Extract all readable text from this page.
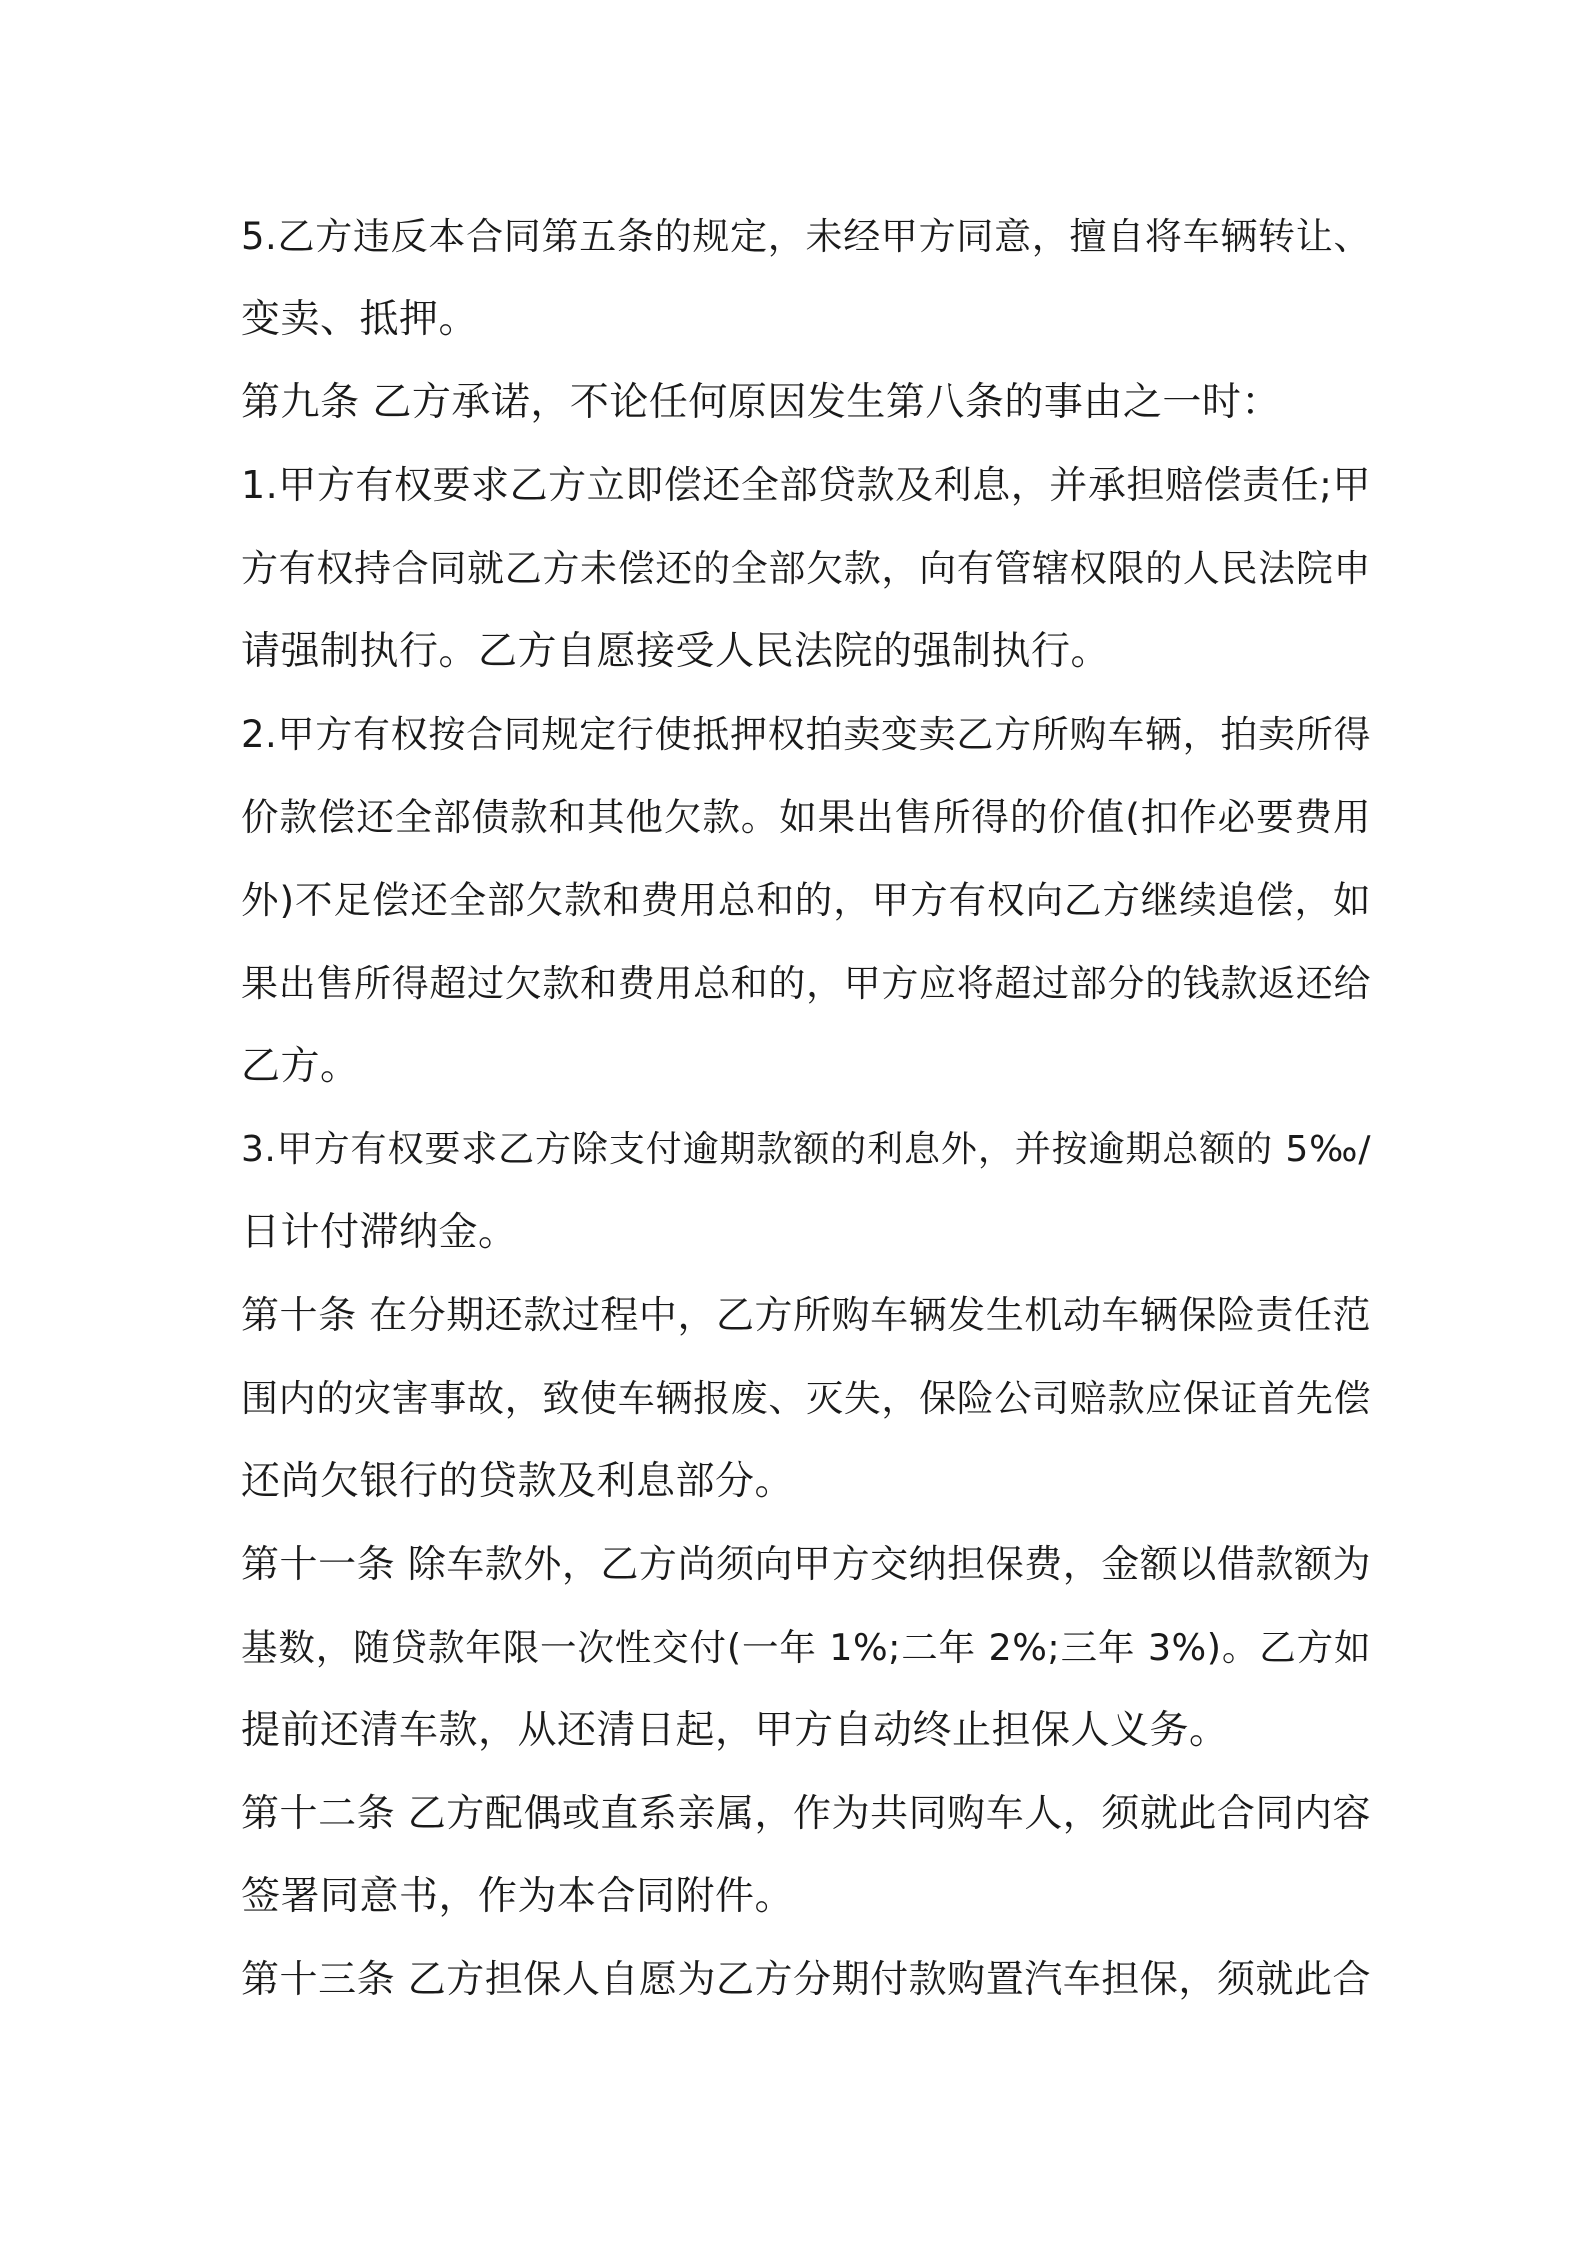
5.乙方违反本合同第五条的规定，未经甲方同意，擅自将车辆转让、
变卖、抵押。
第九条 乙方承诺，不论任何原因发生第八条的事由之一时：
1.甲方有权要求乙方立即偿还全部贷款及利息，并承担赔偿责任;甲
方有权持合同就乙方未偿还的全部欠款，向有管辖权限的人民法院申
请强制执行。乙方自愿接受人民法院的强制执行。
2.甲方有权按合同规定行使抵押权拍卖变卖乙方所购车辆，拍卖所得
价款偿还全部债款和其他欠款。如果出售所得的价值(扣作必要费用
外)不足偿还全部欠款和费用总和的，甲方有权向乙方继续追偿，如
果出售所得超过欠款和费用总和的，甲方应将超过部分的钱款返还给
乙方。
3.甲方有权要求乙方除支付逾期款额的利息外，并按逾期总额的 5‰/
日计付滞纳金。
第十条 在分期还款过程中，乙方所购车辆发生机动车辆保险责任范
围内的灾害事故，致使车辆报废、灭失，保险公司赔款应保证首先偿
还尚欠银行的贷款及利息部分。
第十一条 除车款外，乙方尚须向甲方交纳担保费，金额以借款额为
基数，随贷款年限一次性交付(一年 1%;二年 2%;三年 3%)。乙方如
提前还清车款，从还清日起，甲方自动终止担保人义务。
第十二条 乙方配偶或直系亲属，作为共同购车人，须就此合同内容
签署同意书，作为本合同附件。
第十三条 乙方担保人自愿为乙方分期付款购置汽车担保，须就此合
